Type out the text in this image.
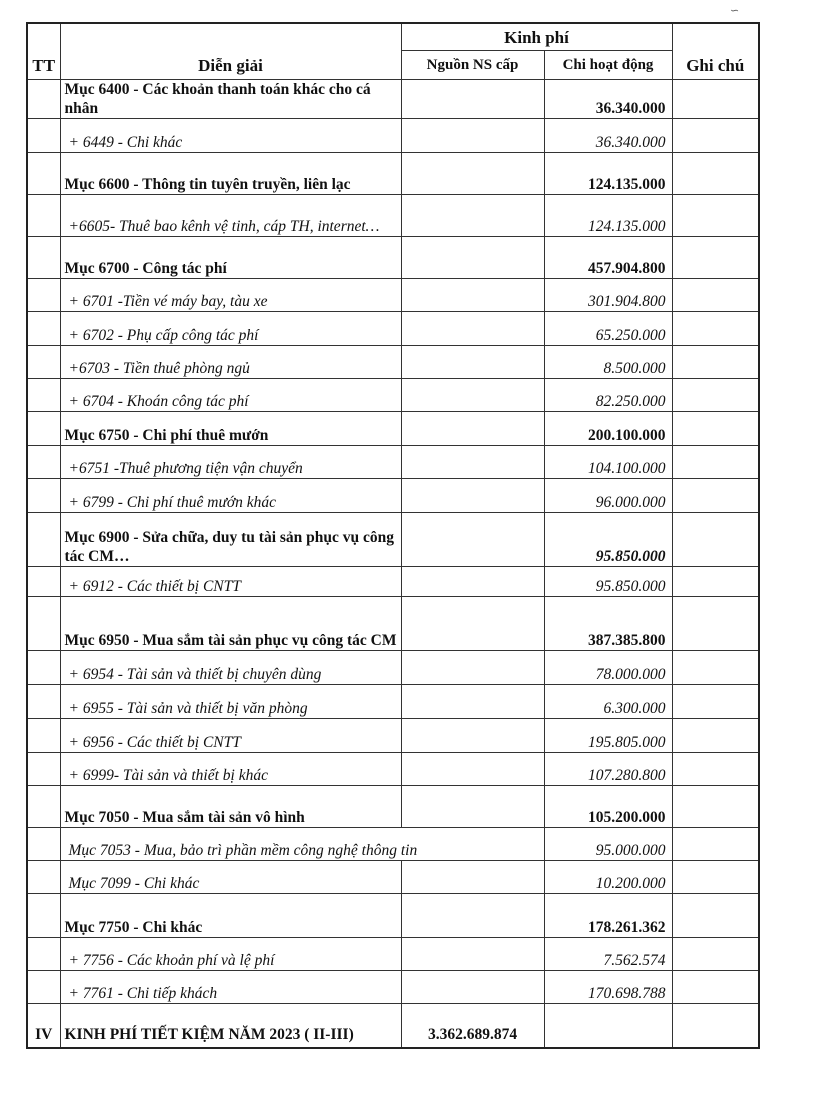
∽
TT	Diễn giải	Kinh phí		Ghi chú
		Nguồn NS cấp	Chi hoạt động	
	Mục 6400 - Các khoản thanh toán khác cho cá nhân		36.340.000	
	+ 6449 - Chi khác		36.340.000	
	Mục 6600 - Thông tin tuyên truyền, liên lạc		124.135.000	
	+6605- Thuê bao kênh vệ tinh, cáp TH, internet…		124.135.000	
	Mục 6700 - Công tác phí		457.904.800	
	+ 6701 -Tiền vé máy bay, tàu xe		301.904.800	
	+ 6702 - Phụ cấp công tác phí		65.250.000	
	+6703 - Tiền thuê phòng ngủ		8.500.000	
	+ 6704 - Khoán công tác phí		82.250.000	
	Mục 6750 - Chi phí thuê mướn		200.100.000	
	+6751 -Thuê phương tiện vận chuyển		104.100.000	
	+ 6799 - Chi phí thuê mướn khác		96.000.000	
	Mục 6900 - Sửa chữa, duy tu tài sản phục vụ công tác CM…		95.850.000	
	+ 6912 - Các thiết bị CNTT		95.850.000	
	Mục 6950 - Mua sắm tài sản phục vụ công tác CM		387.385.800	
	+ 6954 - Tài sản và thiết bị chuyên dùng		78.000.000	
	+ 6955 - Tài sản và thiết bị văn phòng		6.300.000	
	+ 6956 - Các thiết bị CNTT		195.805.000	
	+ 6999- Tài sản và thiết bị khác		107.280.800	
	Mục 7050 - Mua sắm tài sản vô hình		105.200.000	
	Mục 7053 - Mua, bảo trì phần mềm công nghệ thông tin		95.000.000	
	Mục 7099 - Chi khác		10.200.000	
	Mục 7750 - Chi khác		178.261.362	
	+ 7756 - Các khoản phí và lệ phí		7.562.574	
	+ 7761 - Chi tiếp khách		170.698.788	
IV	KINH PHÍ TIẾT KIỆM NĂM 2023 ( II-III)	3.362.689.874		
